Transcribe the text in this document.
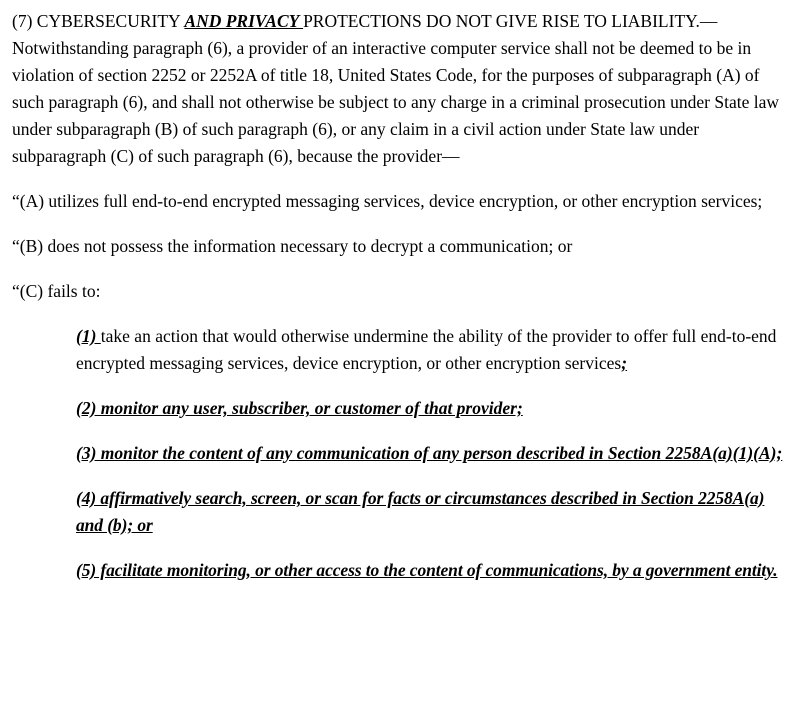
(7) CYBERSECURITY AND PRIVACY PROTECTIONS DO NOT GIVE RISE TO LIABILITY.—Notwithstanding paragraph (6), a provider of an interactive computer service shall not be deemed to be in violation of section 2252 or 2252A of title 18, United States Code, for the purposes of subparagraph (A) of such paragraph (6), and shall not otherwise be subject to any charge in a criminal prosecution under State law under subparagraph (B) of such paragraph (6), or any claim in a civil action under State law under subparagraph (C) of such paragraph (6), because the provider—

“(A) utilizes full end-to-end encrypted messaging services, device encryption, or other encryption services;

“(B) does not possess the information necessary to decrypt a communication; or

“(C) fails to:

(1) take an action that would otherwise undermine the ability of the provider to offer full end-to-end encrypted messaging services, device encryption, or other encryption services;

(2) monitor any user, subscriber, or customer of that provider;

(3) monitor the content of any communication of any person described in Section 2258A(a)(1)(A);

(4) affirmatively search, screen, or scan for facts or circumstances described in Section 2258A(a) and (b); or

(5) facilitate monitoring, or other access to the content of communications, by a government entity.
